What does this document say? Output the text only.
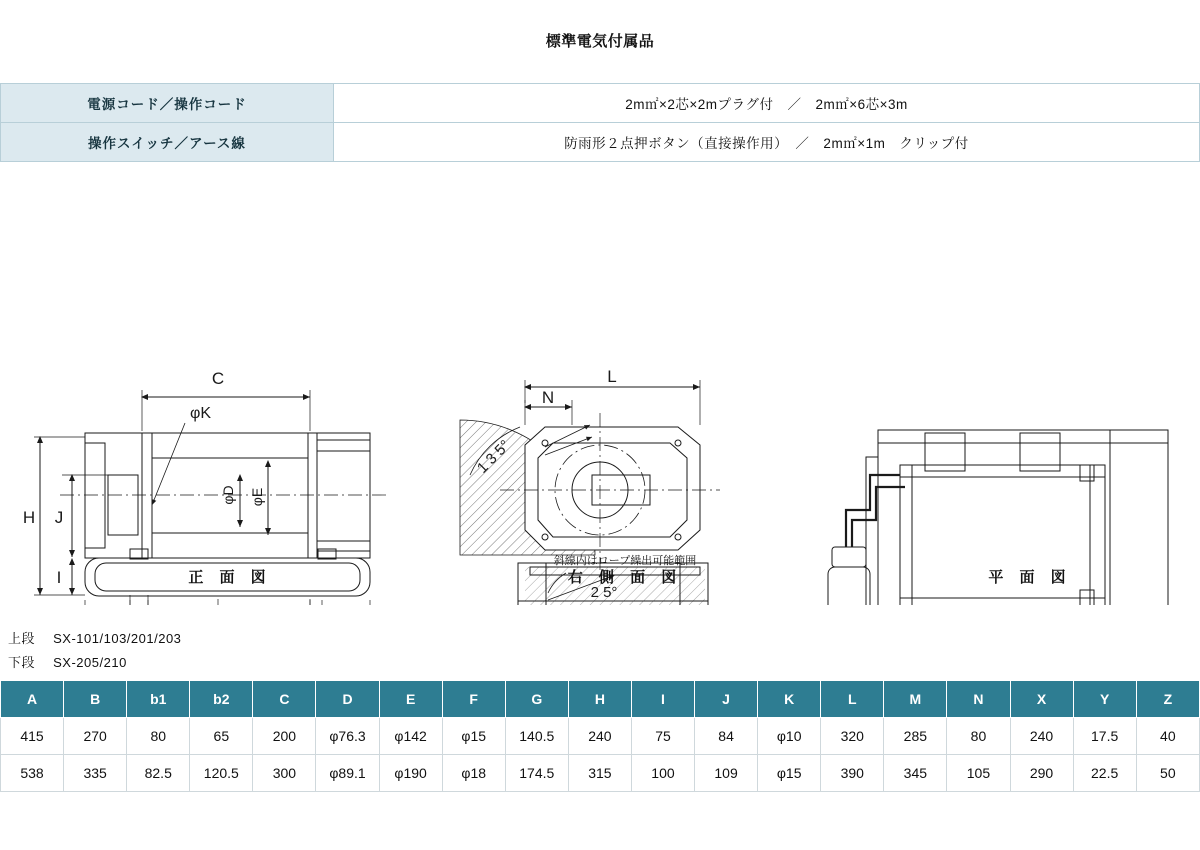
標準電気付属品
電源コード／操作コード	2m㎡×2芯×2mプラグ付　／　2m㎡×6芯×3m
操作スイッチ／アース線	防雨形２点押ボタン（直接操作用）　／　2m㎡×1m　クリップ付
C
φK
φD φE
H J
I
L
N
1 3 5°
2 5°
正 面 図	右 側 面 図	平 面 図
斜線内はロープ繰出可能範囲
上段 SX-101/103/201/203
下段 SX-205/210
A	B	b1	b2	C	D	E	F	G	H	I	J	K	L	M	N	X	Y	Z
415	270	80	65	200	φ76.3	φ142	φ15	140.5	240	75	84	φ10	320	285	80	240	17.5	40
538	335	82.5	120.5	300	φ89.1	φ190	φ18	174.5	315	100	109	φ15	390	345	105	290	22.5	50
